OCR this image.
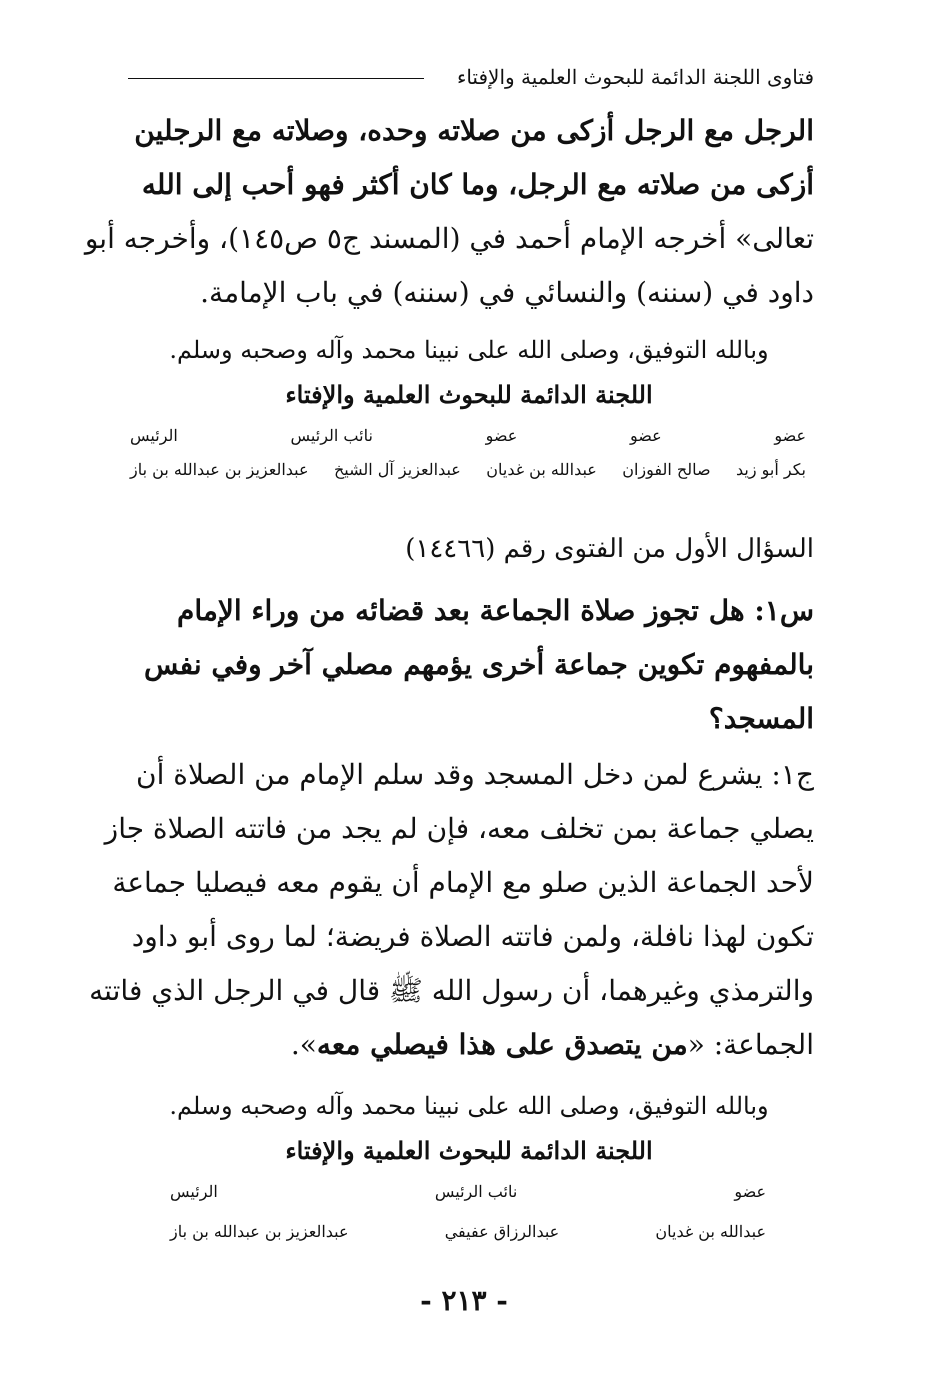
فتاوى اللجنة الدائمة للبحوث العلمية والإفتاء
الرجل مع الرجل أزكى من صلاته وحده، وصلاته مع الرجلين
أزكى من صلاته مع الرجل، وما كان أكثر فهو أحب إلى الله
تعالى» أخرجه الإمام أحمد في (المسند ج٥ ص١٤٥)، وأخرجه أبو
داود في (سننه) والنسائي في (سننه) في باب الإمامة.
وبالله التوفيق، وصلى الله على نبينا محمد وآله وصحبه وسلم.
اللجنة الدائمة للبحوث العلمية والإفتاء
عضو
عضو
عضو
نائب الرئيس
الرئيس
بكر أبو زيد
صالح الفوزان
عبدالله بن غديان
عبدالعزيز آل الشيخ
عبدالعزيز بن عبدالله بن باز
السؤال الأول من الفتوى رقم (١٤٤٦٦)
س١: هل تجوز صلاة الجماعة بعد قضائه من وراء الإمام
بالمفهوم تكوين جماعة أخرى يؤمهم مصلي آخر وفي نفس
المسجد؟
ج١: يشرع لمن دخل المسجد وقد سلم الإمام من الصلاة أن
يصلي جماعة بمن تخلف معه، فإن لم يجد من فاتته الصلاة جاز
لأحد الجماعة الذين صلو مع الإمام أن يقوم معه فيصليا جماعة
تكون لهذا نافلة، ولمن فاتته الصلاة فريضة؛ لما روى أبو داود
والترمذي وغيرهما، أن رسول الله ﷺ قال في الرجل الذي فاتته
الجماعة: «من يتصدق على هذا فيصلي معه».
وبالله التوفيق، وصلى الله على نبينا محمد وآله وصحبه وسلم.
اللجنة الدائمة للبحوث العلمية والإفتاء
عضو
نائب الرئيس
الرئيس
عبدالله بن غديان
عبدالرزاق عفيفي
عبدالعزيز بن عبدالله بن باز
- ٢١٣ -
